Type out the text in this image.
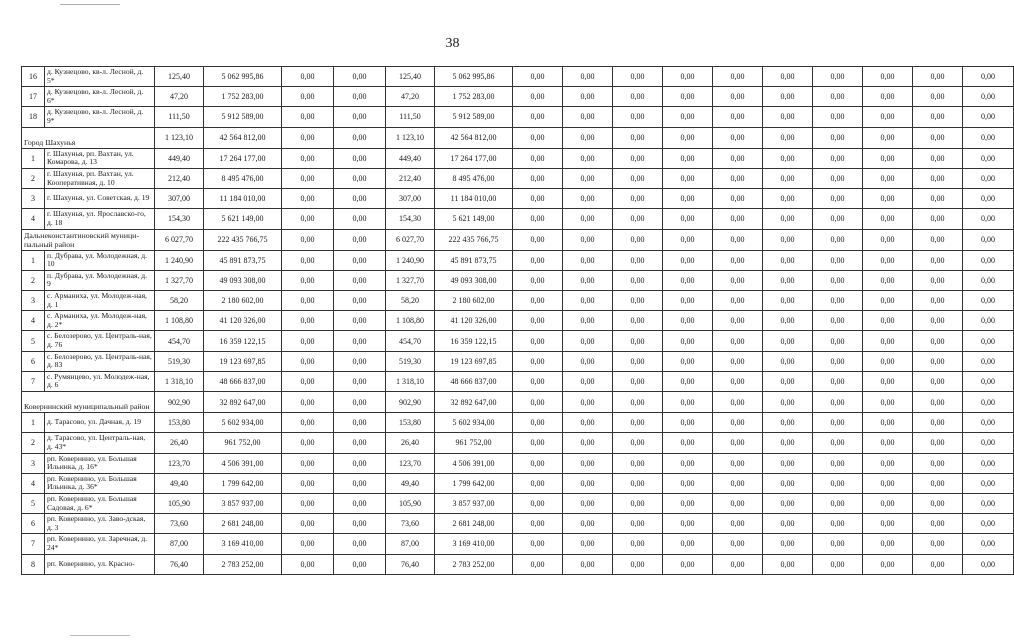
38
16	д. Кузнецово, кв-л. Лесной, д. 5*	125,40	5 062 995,86	0,00	0,00	125,40	5 062 995,86	0,00	0,00	0,00	0,00	0,00	0,00	0,00	0,00	0,00	0,00
17	д. Кузнецово, кв-л. Лесной, д. 6*	47,20	1 752 283,00	0,00	0,00	47,20	1 752 283,00	0,00	0,00	0,00	0,00	0,00	0,00	0,00	0,00	0,00	0,00
18	д. Кузнецово, кв-л. Лесной, д. 9*	111,50	5 912 589,00	0,00	0,00	111,50	5 912 589,00	0,00	0,00	0,00	0,00	0,00	0,00	0,00	0,00	0,00	0,00
Город Шахунья		1 123,10	42 564 812,00	0,00	0,00	1 123,10	42 564 812,00	0,00	0,00	0,00	0,00	0,00	0,00	0,00	0,00	0,00	0,00
1	г. Шахунья, рп. Вахтан, ул. Комарова, д. 13	449,40	17 264 177,00	0,00	0,00	449,40	17 264 177,00	0,00	0,00	0,00	0,00	0,00	0,00	0,00	0,00	0,00	0,00
2	г. Шахунья, рп. Вахтан, ул. Кооперативная, д. 10	212,40	8 495 476,00	0,00	0,00	212,40	8 495 476,00	0,00	0,00	0,00	0,00	0,00	0,00	0,00	0,00	0,00	0,00
3	г. Шахунья, ул. Советская, д. 19	307,00	11 184 010,00	0,00	0,00	307,00	11 184 010,00	0,00	0,00	0,00	0,00	0,00	0,00	0,00	0,00	0,00	0,00
4	г. Шахунья, ул. Ярославско-го, д. 18	154,30	5 621 149,00	0,00	0,00	154,30	5 621 149,00	0,00	0,00	0,00	0,00	0,00	0,00	0,00	0,00	0,00	0,00
Дальнеконстантиновский муници-пальный район		6 027,70	222 435 766,75	0,00	0,00	6 027,70	222 435 766,75	0,00	0,00	0,00	0,00	0,00	0,00	0,00	0,00	0,00	0,00
1	п. Дубрава, ул. Молодежная, д. 10	1 240,90	45 891 873,75	0,00	0,00	1 240,90	45 891 873,75	0,00	0,00	0,00	0,00	0,00	0,00	0,00	0,00	0,00	0,00
2	п. Дубрава, ул. Молодежная, д. 9	1 327,70	49 093 308,00	0,00	0,00	1 327,70	49 093 308,00	0,00	0,00	0,00	0,00	0,00	0,00	0,00	0,00	0,00	0,00
3	с. Арманиха, ул. Молодеж-ная, д. 1	58,20	2 180 602,00	0,00	0,00	58,20	2 180 602,00	0,00	0,00	0,00	0,00	0,00	0,00	0,00	0,00	0,00	0,00
4	с. Арманиха, ул. Молодеж-ная, д. 2*	1 108,80	41 120 326,00	0,00	0,00	1 108,80	41 120 326,00	0,00	0,00	0,00	0,00	0,00	0,00	0,00	0,00	0,00	0,00
5	с. Белозерово, ул. Централь-ная, д. 76	454,70	16 359 122,15	0,00	0,00	454,70	16 359 122,15	0,00	0,00	0,00	0,00	0,00	0,00	0,00	0,00	0,00	0,00
6	с. Белозерово, ул. Централь-ная, д. 83	519,30	19 123 697,85	0,00	0,00	519,30	19 123 697,85	0,00	0,00	0,00	0,00	0,00	0,00	0,00	0,00	0,00	0,00
7	с. Румянцево, ул. Молодеж-ная, д. 6	1 318,10	48 666 837,00	0,00	0,00	1 318,10	48 666 837,00	0,00	0,00	0,00	0,00	0,00	0,00	0,00	0,00	0,00	0,00
Ковернинский муниципальный район		902,90	32 892 647,00	0,00	0,00	902,90	32 892 647,00	0,00	0,00	0,00	0,00	0,00	0,00	0,00	0,00	0,00	0,00
1	д. Тарасово, ул. Дачная, д. 19	153,80	5 602 934,00	0,00	0,00	153,80	5 602 934,00	0,00	0,00	0,00	0,00	0,00	0,00	0,00	0,00	0,00	0,00
2	д. Тарасово, ул. Централь-ная, д. 43*	26,40	961 752,00	0,00	0,00	26,40	961 752,00	0,00	0,00	0,00	0,00	0,00	0,00	0,00	0,00	0,00	0,00
3	рп. Ковернино, ул. Большая Ильинка, д. 16*	123,70	4 506 391,00	0,00	0,00	123,70	4 506 391,00	0,00	0,00	0,00	0,00	0,00	0,00	0,00	0,00	0,00	0,00
4	рп. Ковернино, ул. Большая Ильинка, д. 36*	49,40	1 799 642,00	0,00	0,00	49,40	1 799 642,00	0,00	0,00	0,00	0,00	0,00	0,00	0,00	0,00	0,00	0,00
5	рп. Ковернино, ул. Большая Садовая, д. 6*	105,90	3 857 937,00	0,00	0,00	105,90	3 857 937,00	0,00	0,00	0,00	0,00	0,00	0,00	0,00	0,00	0,00	0,00
6	рп. Ковернино, ул. Заво-дская, д. 3	73,60	2 681 248,00	0,00	0,00	73,60	2 681 248,00	0,00	0,00	0,00	0,00	0,00	0,00	0,00	0,00	0,00	0,00
7	рп. Ковернино, ул. Заречная, д. 24*	87,00	3 169 410,00	0,00	0,00	87,00	3 169 410,00	0,00	0,00	0,00	0,00	0,00	0,00	0,00	0,00	0,00	0,00
8	рп. Ковернино, ул. Красно-	76,40	2 783 252,00	0,00	0,00	76,40	2 783 252,00	0,00	0,00	0,00	0,00	0,00	0,00	0,00	0,00	0,00	0,00
